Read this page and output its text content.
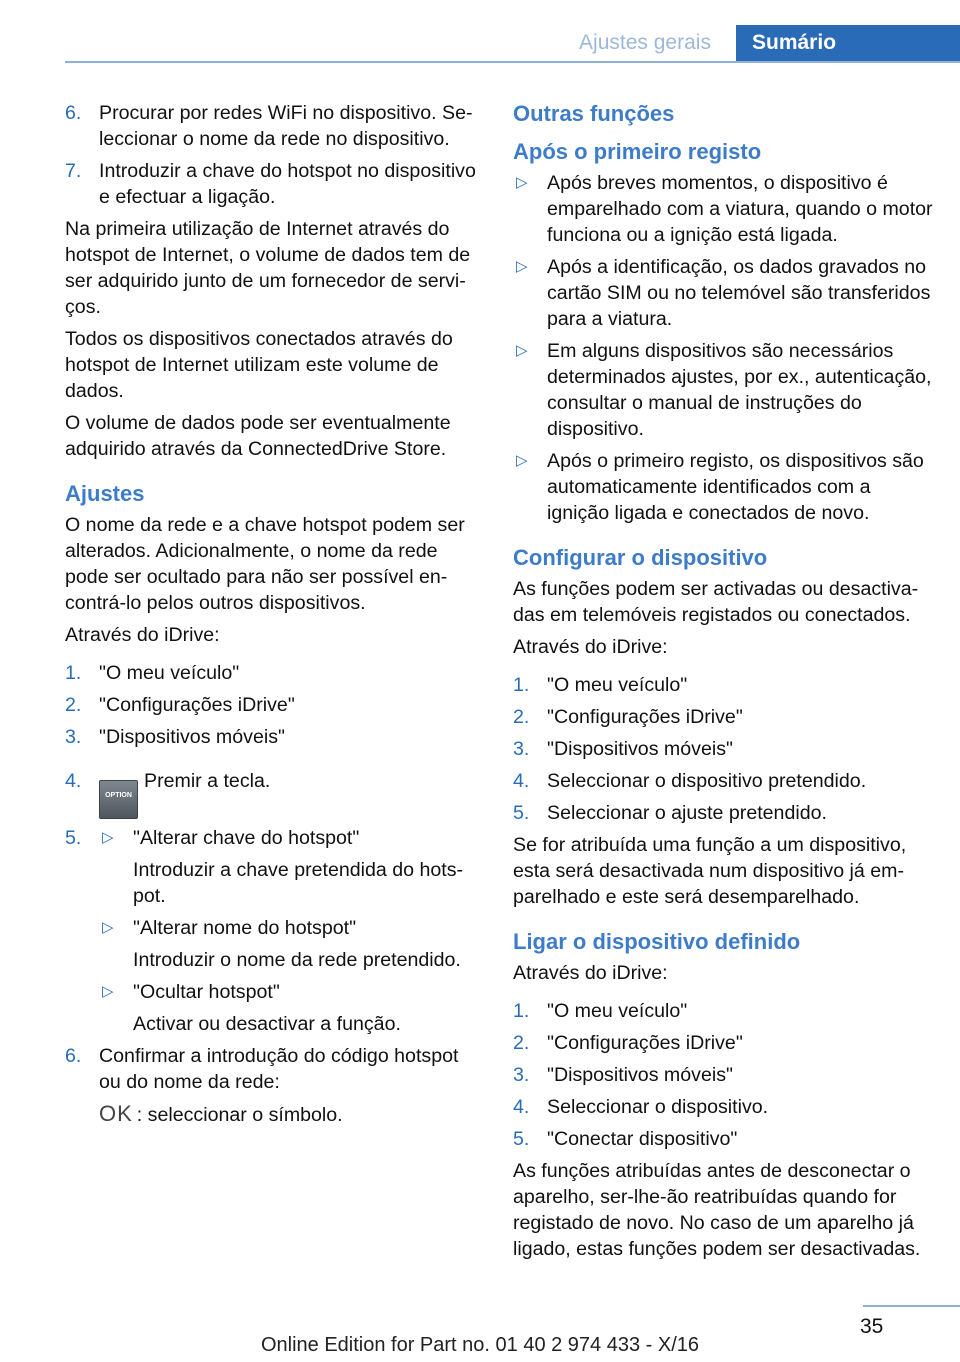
Ajustes gerais	Sumário
6. Procurar por redes WiFi no dispositivo. Seleccionar o nome da rede no dispositivo.
7. Introduzir a chave do hotspot no dispositivo e efectuar a ligação.

Na primeira utilização de Internet através do hotspot de Internet, o volume de dados tem de ser adquirido junto de um fornecedor de serviços.

Todos os dispositivos conectados através do hotspot de Internet utilizam este volume de dados.

O volume de dados pode ser eventualmente adquirido através da ConnectedDrive Store.

Ajustes

O nome da rede e a chave hotspot podem ser alterados. Adicionalmente, o nome da rede pode ser ocultado para não ser possível encontrá-lo pelos outros dispositivos.

Através do iDrive:

1. "O meu veículo"
2. "Configurações iDrive"
3. "Dispositivos móveis"
4.
OPTIONPremir a tecla.
5. ▷ "Alterar chave do hotspot"
Introduzir a chave pretendida do hotspot.
▷ "Alterar nome do hotspot"
Introduzir o nome da rede pretendido.
▷ "Ocultar hotspot"
Activar ou desactivar a função.
6. Confirmar a introdução do código hotspot ou do nome da rede:
OK : seleccionar o símbolo.
Outras funções
Após o primeiro registo
▷ Após breves momentos, o dispositivo é emparelhado com a viatura, quando o motor funciona ou a ignição está ligada.
▷ Após a identificação, os dados gravados no cartão SIM ou no telemóvel são transferidos para a viatura.
▷ Em alguns dispositivos são necessários determinados ajustes, por ex., autenticação, consultar o manual de instruções do dispositivo.
▷ Após o primeiro registo, os dispositivos são automaticamente identificados com a ignição ligada e conectados de novo.
Configurar o dispositivo

As funções podem ser activadas ou desactivadas em telemóveis registados ou conectados.

Através do iDrive:

1. "O meu veículo"
2. "Configurações iDrive"
3. "Dispositivos móveis"
4. Seleccionar o dispositivo pretendido.
5. Seleccionar o ajuste pretendido.

Se for atribuída uma função a um dispositivo, esta será desactivada num dispositivo já emparelhado e este será desemparelhado.

Ligar o dispositivo definido

Através do iDrive:

1. "O meu veículo"
2. "Configurações iDrive"
3. "Dispositivos móveis"
4. Seleccionar o dispositivo.
5. "Conectar dispositivo"

As funções atribuídas antes de desconectar o aparelho, ser-lhe-ão reatribuídas quando for registado de novo. No caso de um aparelho já ligado, estas funções podem ser desactivadas.

35
Online Edition for Part no. 01 40 2 974 433 - X/16
